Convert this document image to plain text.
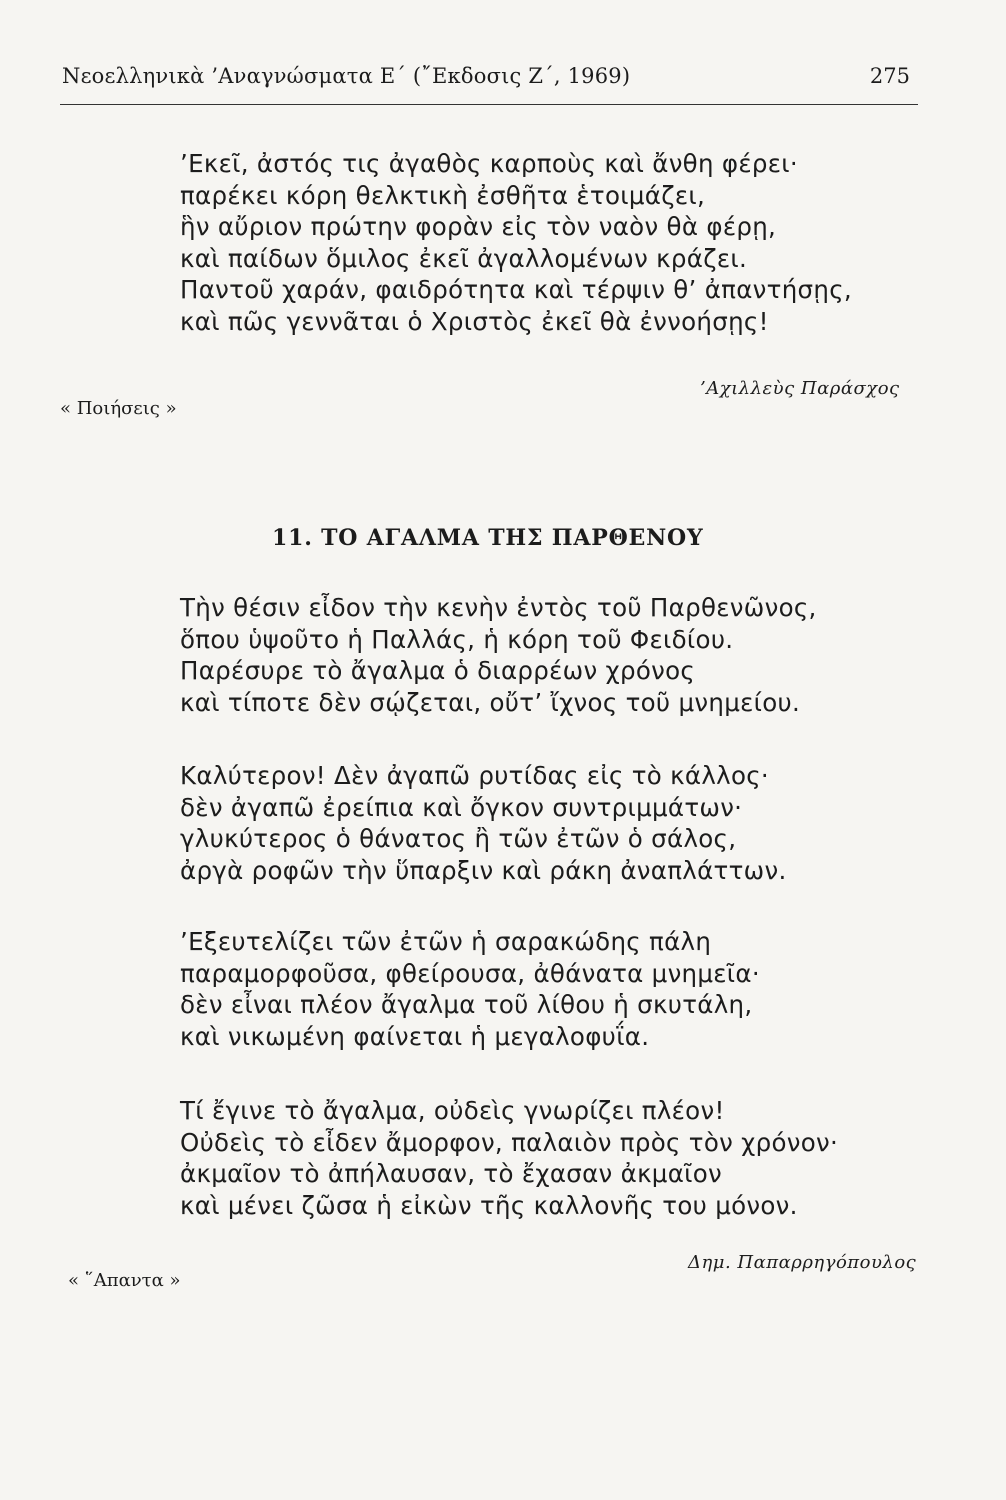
Νεοελληνικὰ ’Αναγνώσματα Ε΄ (῎Εκδοσις Ζ΄, 1969)	275
’Εκεῖ, ἀστός τις ἀγαθὸς καρποὺς καὶ ἄνθη φέρει·
παρέκει κόρη θελκτικὴ ἐσθῆτα ἑτοιμάζει,
ἣν αὔριον πρώτην φορὰν εἰς τὸν ναὸν θὰ φέρῃ,
καὶ παίδων ὅμιλος ἐκεῖ ἀγαλλομένων κράζει.
Παντοῦ χαράν, φαιδρότητα καὶ τέρψιν θ’ ἀπαντήσῃς,
καὶ πῶς γεννᾶται ὁ Χριστὸς ἐκεῖ θὰ ἐννοήσῃς!
’Αχιλλεὺς Παράσχος
« Ποιήσεις »
11. ΤΟ ΑΓΑΛΜΑ ΤΗΣ ΠΑΡΘΕΝΟΥ
Τὴν θέσιν εἶδον τὴν κενὴν ἐντὸς τοῦ Παρθενῶνος,
ὅπου ὑψοῦτο ἡ Παλλάς, ἡ κόρη τοῦ Φειδίου.
Παρέσυρε τὸ ἄγαλμα ὁ διαρρέων χρόνος
καὶ τίποτε δὲν σῴζεται, οὔτ’ ἴχνος τοῦ μνημείου.
Καλύτερον! Δὲν ἀγαπῶ ρυτίδας εἰς τὸ κάλλος·
δὲν ἀγαπῶ ἐρείπια καὶ ὄγκον συντριμμάτων·
γλυκύτερος ὁ θάνατος ἢ τῶν ἐτῶν ὁ σάλος,
ἀργὰ ροφῶν τὴν ὕπαρξιν καὶ ράκη ἀναπλάττων.
’Εξευτελίζει τῶν ἐτῶν ἡ σαρακώδης πάλη
παραμορφοῦσα, φθείρουσα, ἀθάνατα μνημεῖα·
δὲν εἶναι πλέον ἄγαλμα τοῦ λίθου ἡ σκυτάλη,
καὶ νικωμένη φαίνεται ἡ μεγαλοφυΐα.
Τί ἔγινε τὸ ἄγαλμα, οὐδεὶς γνωρίζει πλέον!
Οὐδεὶς τὸ εἶδεν ἄμορφον, παλαιὸν πρὸς τὸν χρόνον·
ἀκμαῖον τὸ ἀπήλαυσαν, τὸ ἔχασαν ἀκμαῖον
καὶ μένει ζῶσα ἡ εἰκὼν τῆς καλλονῆς του μόνον.
Δημ. Παπαρρηγόπουλος
« ῞Απαντα »
